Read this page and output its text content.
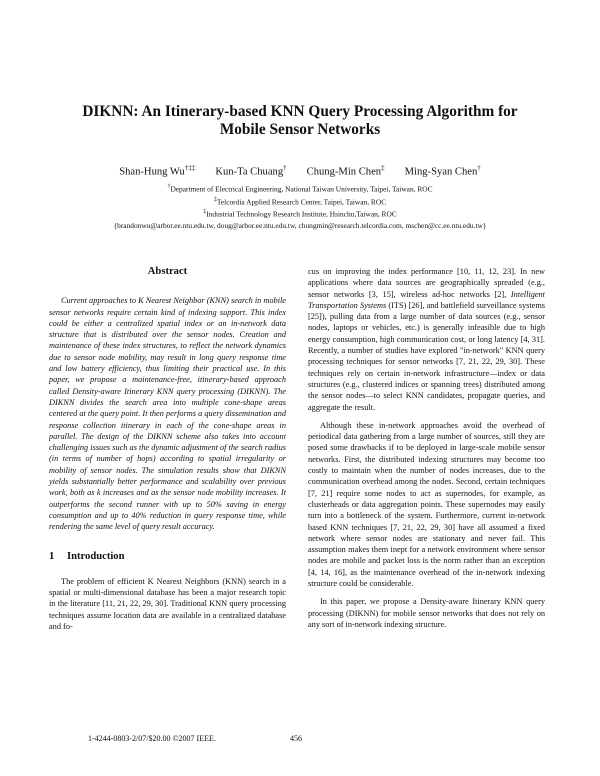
DIKNN: An Itinerary-based KNN Query Processing Algorithm for Mobile Sensor Networks
Shan-Hung Wu†‡‡ Kun-Ta Chuang† Chung-Min Chen‡ Ming-Syan Chen†
†Department of Electrical Engineering, National Taiwan University, Taipei, Taiwan, ROC
‡Telcordia Applied Research Center, Taipei, Taiwan, ROC
‡Industrial Technology Research Institute, Hsinchu,Taiwan, ROC
{brandonwu@arbor.ee.ntu.edu.tw, doug@arbor.ee.ntu.edu.tw, chungmin@research.telcordia.com, mschen@cc.ee.ntu.edu.tw}
Abstract

Current approaches to K Nearest Neighbor (KNN) search in mobile sensor networks require certain kind of indexing support. This index could be either a centralized spatial index or an in-network data structure that is distributed over the sensor nodes. Creation and maintenance of these index structures, to reflect the network dynamics due to sensor node mobility, may result in long query response time and low battery efficiency, thus limiting their practical use. In this paper, we propose a maintenance-free, itinerary-based approach called Density-aware Itinerary KNN query processing (DIKNN). The DIKNN divides the search area into multiple cone-shape areas centered at the query point. It then performs a query dissemination and response collection itinerary in each of the cone-shape areas in parallel. The design of the DIKNN scheme also takes into account challenging issues such as the dynamic adjustment of the search radius (in terms of number of hops) according to spatial irregularity or mobility of sensor nodes. The simulation results show that DIKNN yields substantially better performance and scalability over previous work, both as k increases and as the sensor node mobility increases. It outperforms the second runner with up to 50% saving in energy consumption and up to 40% reduction in query response time, while rendering the same level of query result accuracy.

1 Introduction

The problem of efficient K Nearest Neighbors (KNN) search in a spatial or multi-dimensional database has been a major research topic in the literature [11, 21, 22, 29, 30]. Traditional KNN query processing techniques assume location data are available in a centralized database and fo-

cus on improving the index performance [10, 11, 12, 23]. In new applications where data sources are geographically spreaded (e.g., sensor networks [3, 15], wireless ad-hoc networks [2], Intelligent Transportation Systems (ITS) [26], and battlefield surveillance systems [25]), pulling data from a large number of data sources (e.g., sensor nodes, laptops or vehicles, etc.) is generally infeasible due to high energy consumption, high communication cost, or long latency [4, 31]. Recently, a number of studies have explored "in-network" KNN query processing techniques for sensor networks [7, 21, 22, 29, 30]. These techniques rely on certain in-network infrastructure—index or data structures (e.g., clustered indices or spanning trees) distributed among the sensor nodes—to select KNN candidates, propagate queries, and aggregate the result.

Although these in-network approaches avoid the overhead of periodical data gathering from a large number of sources, still they are posed some drawbacks if to be deployed in large-scale mobile sensor networks. First, the distributed indexing structures may become too costly to maintain when the number of nodes increases, due to the communication overhead among the nodes. Second, certain techniques [7, 21] require some nodes to act as supernodes, for example, as clusterheads or data aggregation points. These supernodes may easily turn into a bottleneck of the system. Furthermore, current in-network based KNN techniques [7, 21, 22, 29, 30] have all assumed a fixed network where sensor nodes are stationary and never fail. This assumption makes them inept for a network environment where sensor nodes are mobile and packet loss is the norm rather than an exception [4, 14, 16], as the maintenance overhead of the in-network indexing structure could be considerable.

In this paper, we propose a Density-aware Itinerary KNN query processing (DIKNN) for mobile sensor networks that does not rely on any sort of in-network indexing structure.

1-4244-0803-2/07/$20.00 ©2007 IEEE.	456
